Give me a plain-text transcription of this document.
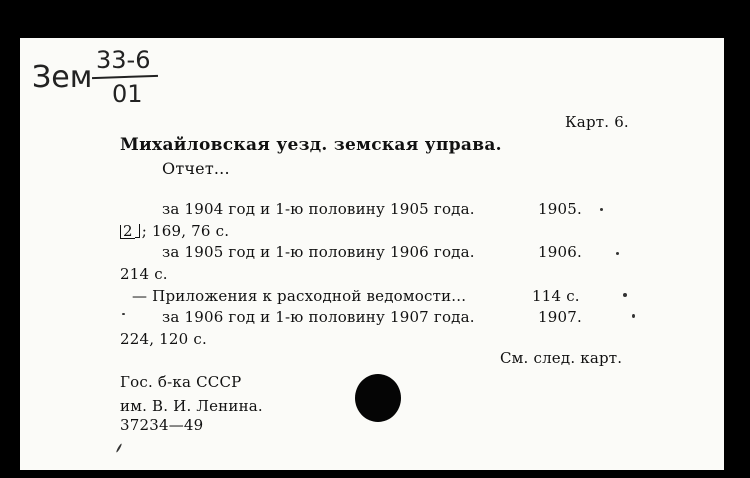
Зем 33-6
01
Карт. 6.
Михайловская уезд. земская управа.
Отчет...
за 1904 год и 1-ю половину 1905 года.	1905.
2 ; 169, 76 с.
за 1905 год и 1-ю половину 1906 года.	1906.
214 с.
— Приложения к расходной ведомости...	114 с.
за 1906 год и 1-ю половину 1907 года.	1907.
224, 120 с.
См. след. карт.
Гос. б-ка СССР
им. В. И. Ленина.
37234—49
